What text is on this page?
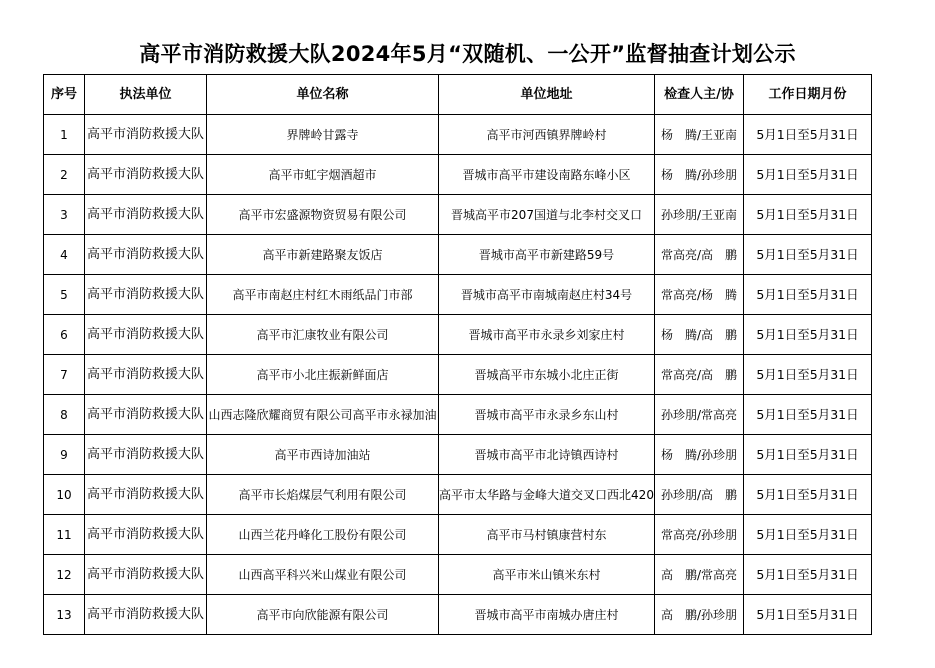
高平市消防救援大队2024年5月“双随机、一公开”监督抽查计划公示
序号	执法单位	单位名称	单位地址	检查人主/协	工作日期月份
1	高平市消防救援大队	界牌岭甘露寺	高平市河西镇界牌岭村	杨　腾/王亚南	5月1日至5月31日
2	高平市消防救援大队	高平市虹宇烟酒超市	晋城市高平市建设南路东峰小区	杨　腾/孙珍朋	5月1日至5月31日
3	高平市消防救援大队	高平市宏盛源物资贸易有限公司	晋城高平市207国道与北李村交叉口	孙珍朋/王亚南	5月1日至5月31日
4	高平市消防救援大队	高平市新建路聚友饭店	晋城市高平市新建路59号	常高亮/高　鹏	5月1日至5月31日
5	高平市消防救援大队	高平市南赵庄村红木雨纸品门市部	晋城市高平市南城南赵庄村34号	常高亮/杨　腾	5月1日至5月31日
6	高平市消防救援大队	高平市汇康牧业有限公司	晋城市高平市永录乡刘家庄村	杨　腾/高　鹏	5月1日至5月31日
7	高平市消防救援大队	高平市小北庄振新鲜面店	晋城高平市东城小北庄正街	常高亮/高　鹏	5月1日至5月31日
8	高平市消防救援大队	山西志隆欣耀商贸有限公司高平市永禄加油	晋城市高平市永录乡东山村	孙珍朋/常高亮	5月1日至5月31日
9	高平市消防救援大队	高平市西诗加油站	晋城市高平市北诗镇西诗村	杨　腾/孙珍朋	5月1日至5月31日
10	高平市消防救援大队	高平市长焰煤层气利用有限公司	高平市太华路与金峰大道交叉口西北420	孙珍朋/高　鹏	5月1日至5月31日
11	高平市消防救援大队	山西兰花丹峰化工股份有限公司	高平市马村镇康营村东	常高亮/孙珍朋	5月1日至5月31日
12	高平市消防救援大队	山西高平科兴米山煤业有限公司	高平市米山镇米东村	高　鹏/常高亮	5月1日至5月31日
13	高平市消防救援大队	高平市向欣能源有限公司	晋城市高平市南城办唐庄村	高　鹏/孙珍朋	5月1日至5月31日
